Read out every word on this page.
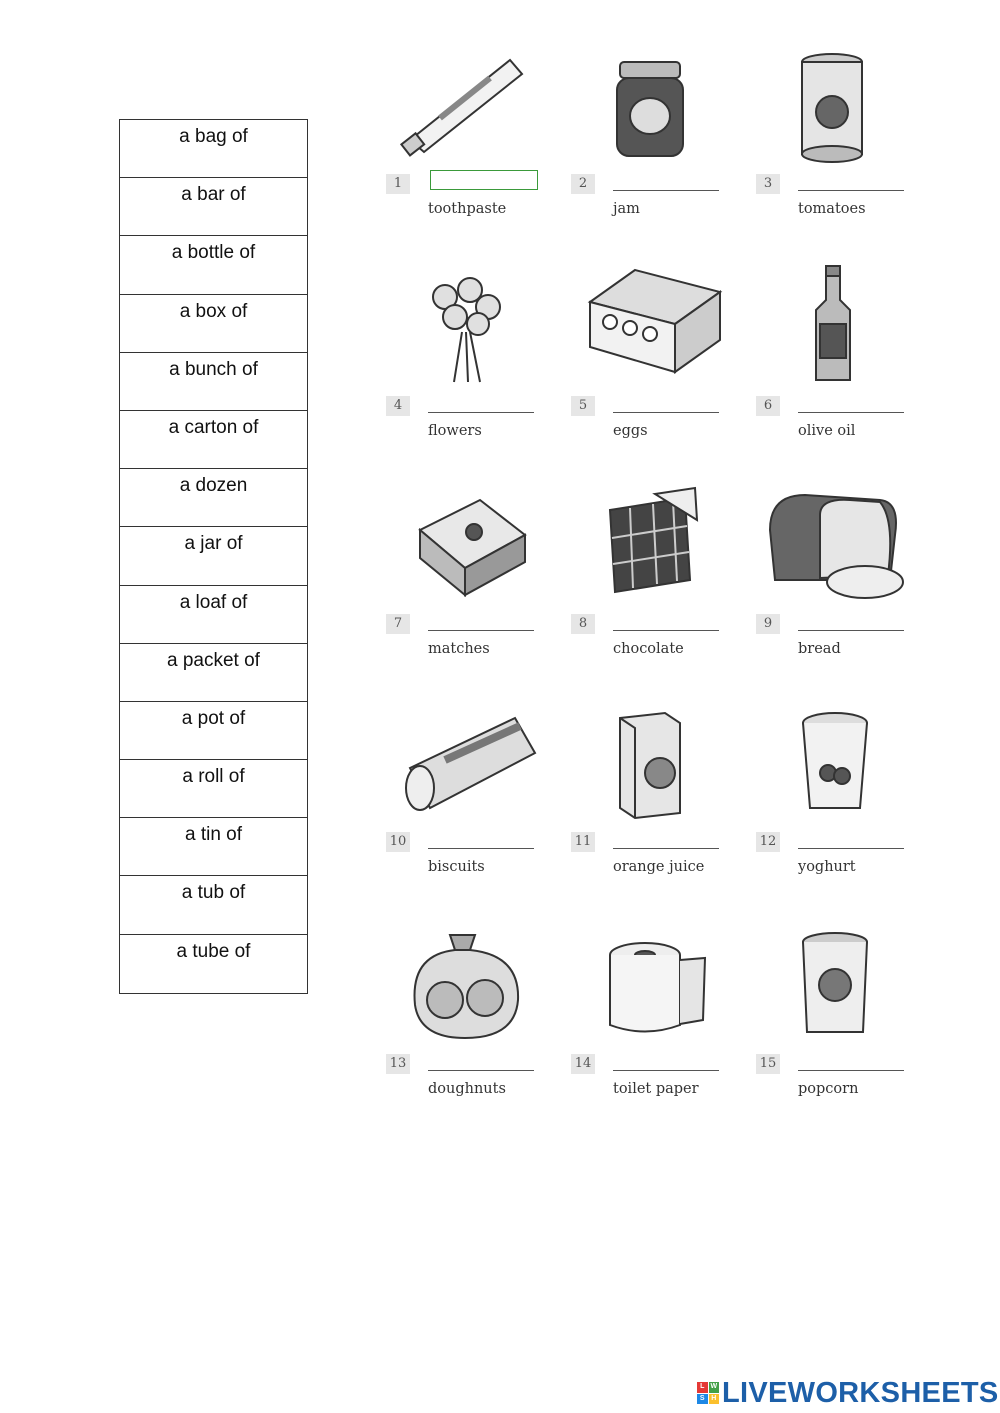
a bag of
a bar of
a bottle of
a box of
a bunch of
a carton of
a dozen
a jar of
a loaf of
a packet of
a pot of
a roll of
a tin of
a tub of
a tube of
1
toothpaste
2
jam
3
tomatoes
4
flowers
5
eggs
6
olive oil
7
matches
8
chocolate
9
bread
10
biscuits
11
orange juice
12
yoghurt
13
doughnuts
14
toilet paper
15
popcorn
L W
S H LIVEWORKSHEETS
